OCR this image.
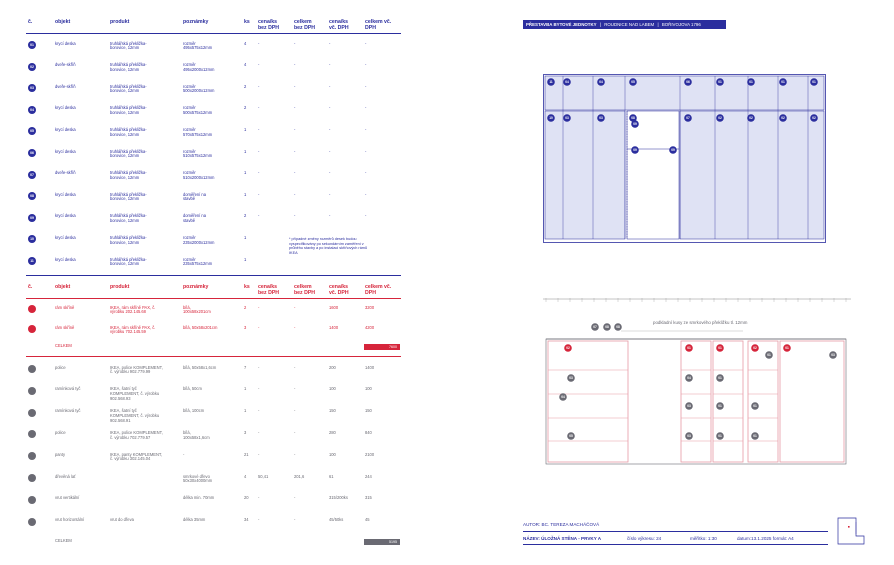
č.	objekt	produkt	poznámky	ks cena/ks
bez DPH
celkem
bez DPH
cena/ks
vč. DPH
celkem vč.
DPH
01	krycí deska	truhlářská překližka-
borovice, 12mm
rozměr
495x575x12mm
4	-	-	-	-
02	dveře-skříň	truhlářská překližka-
borovice, 12mm
rozměr
495x2000x12mm
4	-	-	-	-
03	dveře-skříň	truhlářská překližka-
borovice, 12mm
rozměr
500x2000x12mm
2	-	-	-	-
04	krycí deska	truhlářská překližka-
borovice, 12mm
rozměr
500x575x12mm
2	-	-	-	-
05	krycí deska	truhlářská překližka-
borovice, 12mm
rozměr
570x575x12mm
1	-	-	-	-
06	krycí deska	truhlářská překližka-
borovice, 12mm
rozměr
510x575x12mm
1	-	-	-	-
07	dveře-skříň	truhlářská překližka-
borovice, 12mm
rozměr
510x2000x12mm
1	-	-	-	-
08	krycí deska	truhlářská překližka-
borovice, 12mm
doměření na
stavbě
1	-	-	-	-
09	krycí deska	truhlářská překližka-
borovice, 12mm
doměření na
stavbě
2	-	-	-	-
10	krycí deska	truhlářská překližka-
borovice, 12mm
rozměr
235x2000x12mm
1
11	krycí deska	truhlářská překližka-
borovice, 12mm
rozměr
235x575x12mm
1
* případné změny rozměrů desek budou vyspecifikovány po sekundárním zaměření v průběhu stavby a po instalaci skříňových rámů IKEA
č.	objekt	produkt	poznámky	ks cena/ks
bez DPH
celkem
bez DPH
cena/ks
vč. DPH
celkem vč.
DPH
01	rám skříně	IKEA, rám skříně PAX, č.
výrobku 202.145.68
bílá,
100x58x201cm
2	-	-	1600	3200
02	rám skříně	IKEA, rám skříně PAX, č.
výrobku 702.145.59
bílá, 50x58x201cm	3	-	-	1400	4200
CELKEM	7600
01	police	IKEA, police KOMPLEMENT,
č. výrobku 902.779.99
bílá, 50x58x1,6cm	7	-	-	200	1400
02	ramínková tyč	IKEA, šatní tyč
KOMPLEMENT, č. výrobku
902.568.93
bílá, 50cm	1	-	-	100	100
03	ramínková tyč	IKEA, šatní tyč
KOMPLEMENT, č. výrobku
902.568.91
bílá, 100cm	1	-	-	150	150
04	police	IKEA, police KOMPLEMENT,
č. výrobku 702.779.57
bílá,
100x58x1,6cm
3	-	-	280	840
05	panty	IKEA, panty KOMPLEMENT,
č. výrobku 302.145.04
-	21 -	-	100	2100
06	dřevěná lať	smrkové dřevo
50x30x4000mm
4	50,41	201,6	61	244
07	vrut vertikální	délka min. 70mm	20 -	-	315/200ks	315
08	vrut horizontální	vrut do dřeva	délka 35mm	34 -	-	45/50ks	45
CELKEM	5195
PŘESTAVBA BYTOVÉ JEDNOTKY | ROUDNICE NAD LABEM | BOŘIVOJOVA 1796
11	04	04	05	06	01	01	01	01
10	03	03	08	07	02	02	02	02
09
09	09
podkladní kusy ze smrkového překližku tl. 12mm
07	08 08
02	01	01	02	01
03
04
05
04	01
01
03	01	01
03	01	01
03
AUTOR: BC. TEREZA MACHÁČOVÁ
NÁZEV: ÚLOŽNÁ STĚNA - PRVKY A	číslo výkresu: 24	měřítko: 1:30	datum:13.1.2025 formát: A4
